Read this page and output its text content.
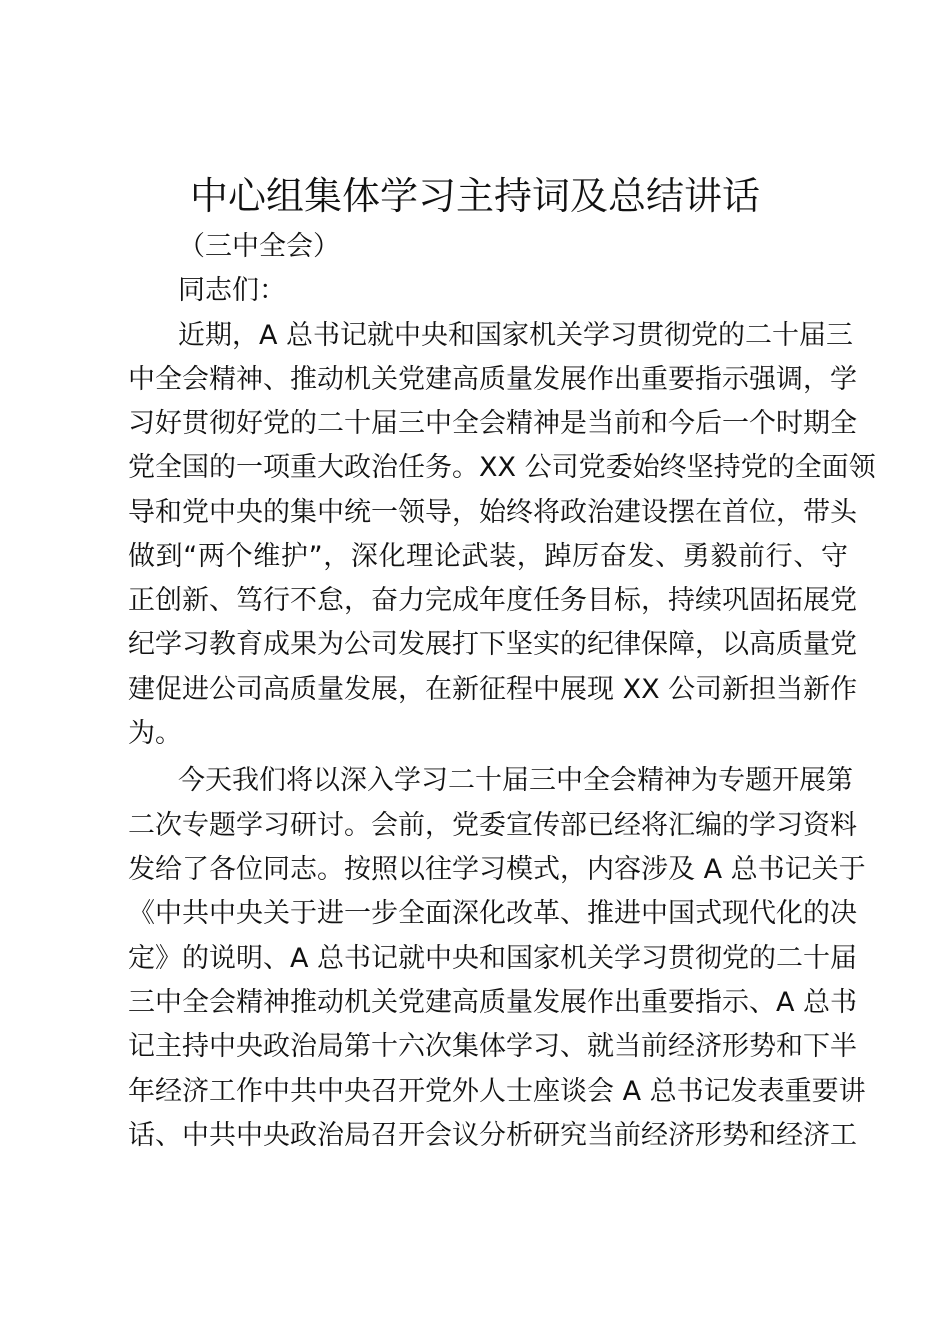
中心组集体学习主持词及总结讲话
（三中全会）
同志们：
近期，A 总书记就中央和国家机关学习贯彻党的二十届三
中全会精神、推动机关党建高质量发展作出重要指示强调，学
习好贯彻好党的二十届三中全会精神是当前和今后一个时期全
党全国的一项重大政治任务。XX 公司党委始终坚持党的全面领
导和党中央的集中统一领导，始终将政治建设摆在首位，带头
做到“两个维护”，深化理论武装，踔厉奋发、勇毅前行、守
正创新、笃行不怠，奋力完成年度任务目标，持续巩固拓展党
纪学习教育成果为公司发展打下坚实的纪律保障，以高质量党
建促进公司高质量发展，在新征程中展现 XX 公司新担当新作
为。
今天我们将以深入学习二十届三中全会精神为专题开展第
二次专题学习研讨。会前，党委宣传部已经将汇编的学习资料
发给了各位同志。按照以往学习模式，内容涉及 A 总书记关于
《中共中央关于进一步全面深化改革、推进中国式现代化的决
定》的说明、A 总书记就中央和国家机关学习贯彻党的二十届
三中全会精神推动机关党建高质量发展作出重要指示、A 总书
记主持中央政治局第十六次集体学习、就当前经济形势和下半
年经济工作中共中央召开党外人士座谈会 A 总书记发表重要讲
话、中共中央政治局召开会议分析研究当前经济形势和经济工
